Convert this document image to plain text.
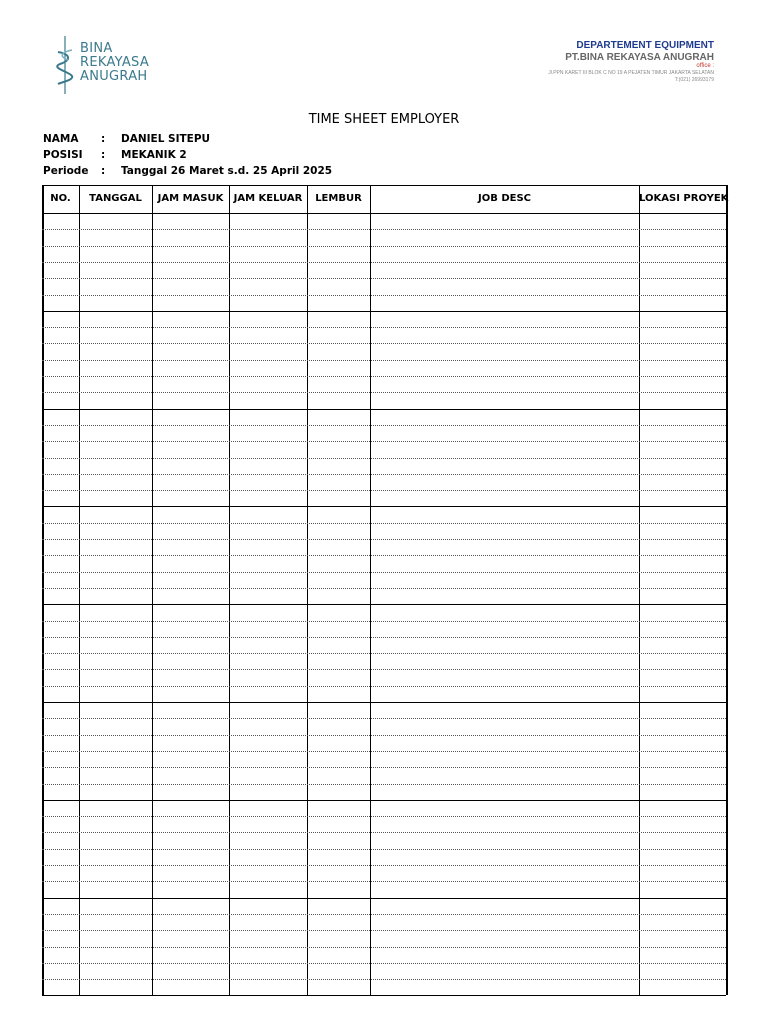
BINA
REKAYASA
ANUGRAH
DEPARTEMENT EQUIPMENT
PT.BINA REKAYASA ANUGRAH
office :
Jl.PPN KARET III BLOK C NO 19 A PEJATEN TIMUR JAKARTA SELATAN
T:(021) 26993179
TIME SHEET EMPLOYER
NAMA	:	DANIEL SITEPU
POSISI	:	MEKANIK 2
Periode	:	Tanggal 26 Maret s.d. 25 April 2025
NO.	TANGGAL	JAM MASUK	JAM KELUAR	LEMBUR	JOB DESC	LOKASI PROYEK
